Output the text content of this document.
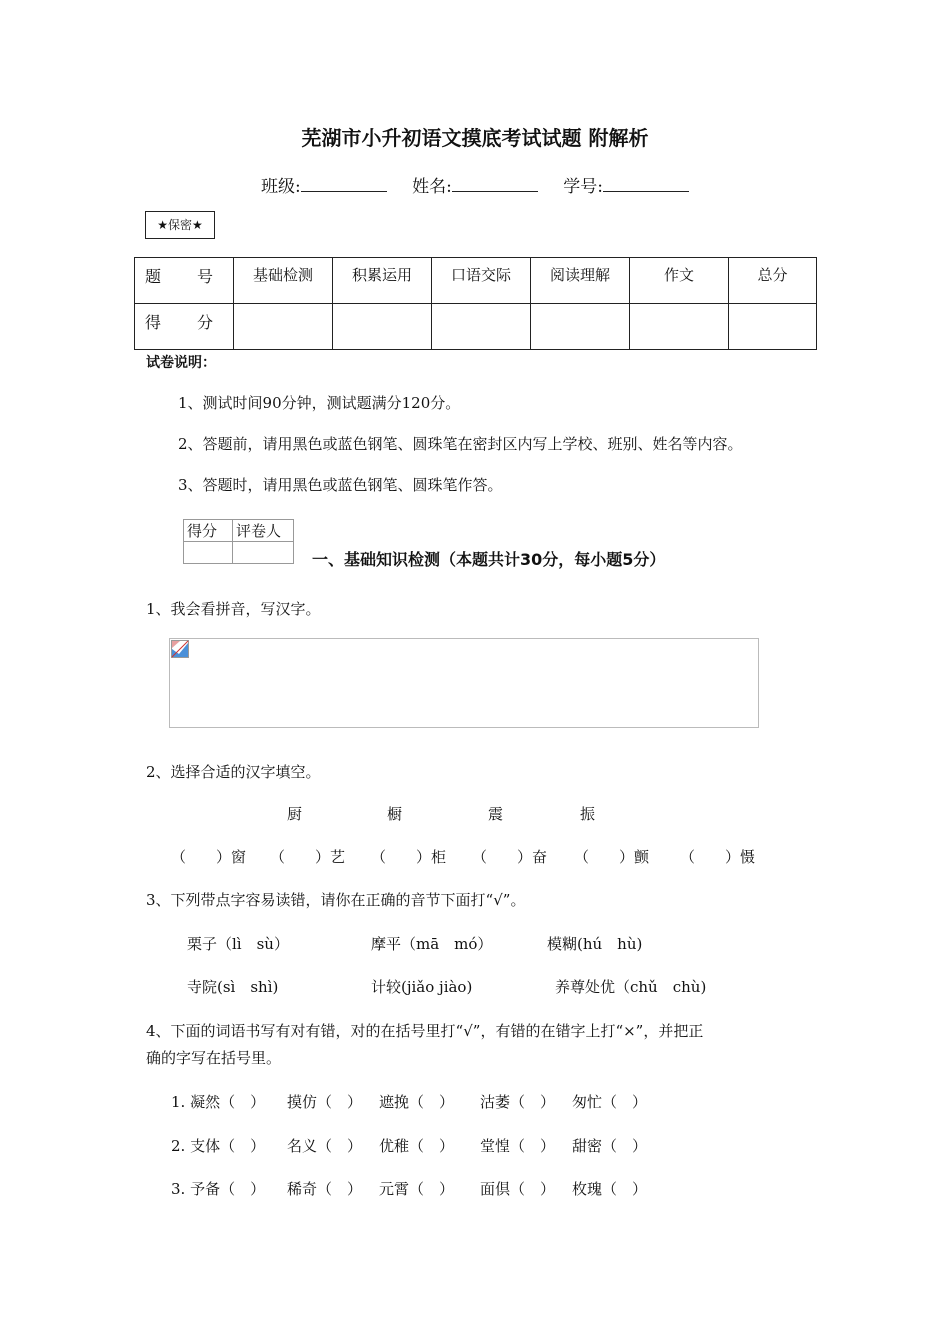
芜湖市小升初语文摸底考试试题 附解析
班级:	姓名:	学号:
★保密★
题　号	基础检测	积累运用	口语交际	阅读理解	作文	总分
得　分						
试卷说明：
1、测试时间90分钟，测试题满分120分。
2、答题前，请用黑色或蓝色钢笔、圆珠笔在密封区内写上学校、班别、姓名等内容。
3、答题时，请用黑色或蓝色钢笔、圆珠笔作答。
得分	评卷人

一、基础知识检测（本题共计30分，每小题5分）
1、我会看拼音，写汉字。
2、选择合适的汉字填空。
厨	橱	震	振
（　　）窗 （　　）艺 （　　）柜 （　　）奋 （　　）颤 （　　）慑
3、下列带点字容易读错，请你在正确的音节下面打“√”。
栗子（lì　sù）	摩平（mā　mó）	模糊(hú　hù)
寺院(sì　shì)	计较(jiǎo jiào)	养尊处优（chǔ　chù)
4、下面的词语书写有对有错，对的在括号里打“√”，有错的在错字上打“×”，并把正
确的字写在括号里。
1. 凝然（　） 摸仿（　） 遮挽（　） 沽萎（　） 匆忙（　）
2. 支体（　） 名义（　） 优稚（　） 堂惶（　） 甜密（　）
3. 予备（　） 稀奇（　） 元霄（　） 面倶（　） 枚瑰（　）
